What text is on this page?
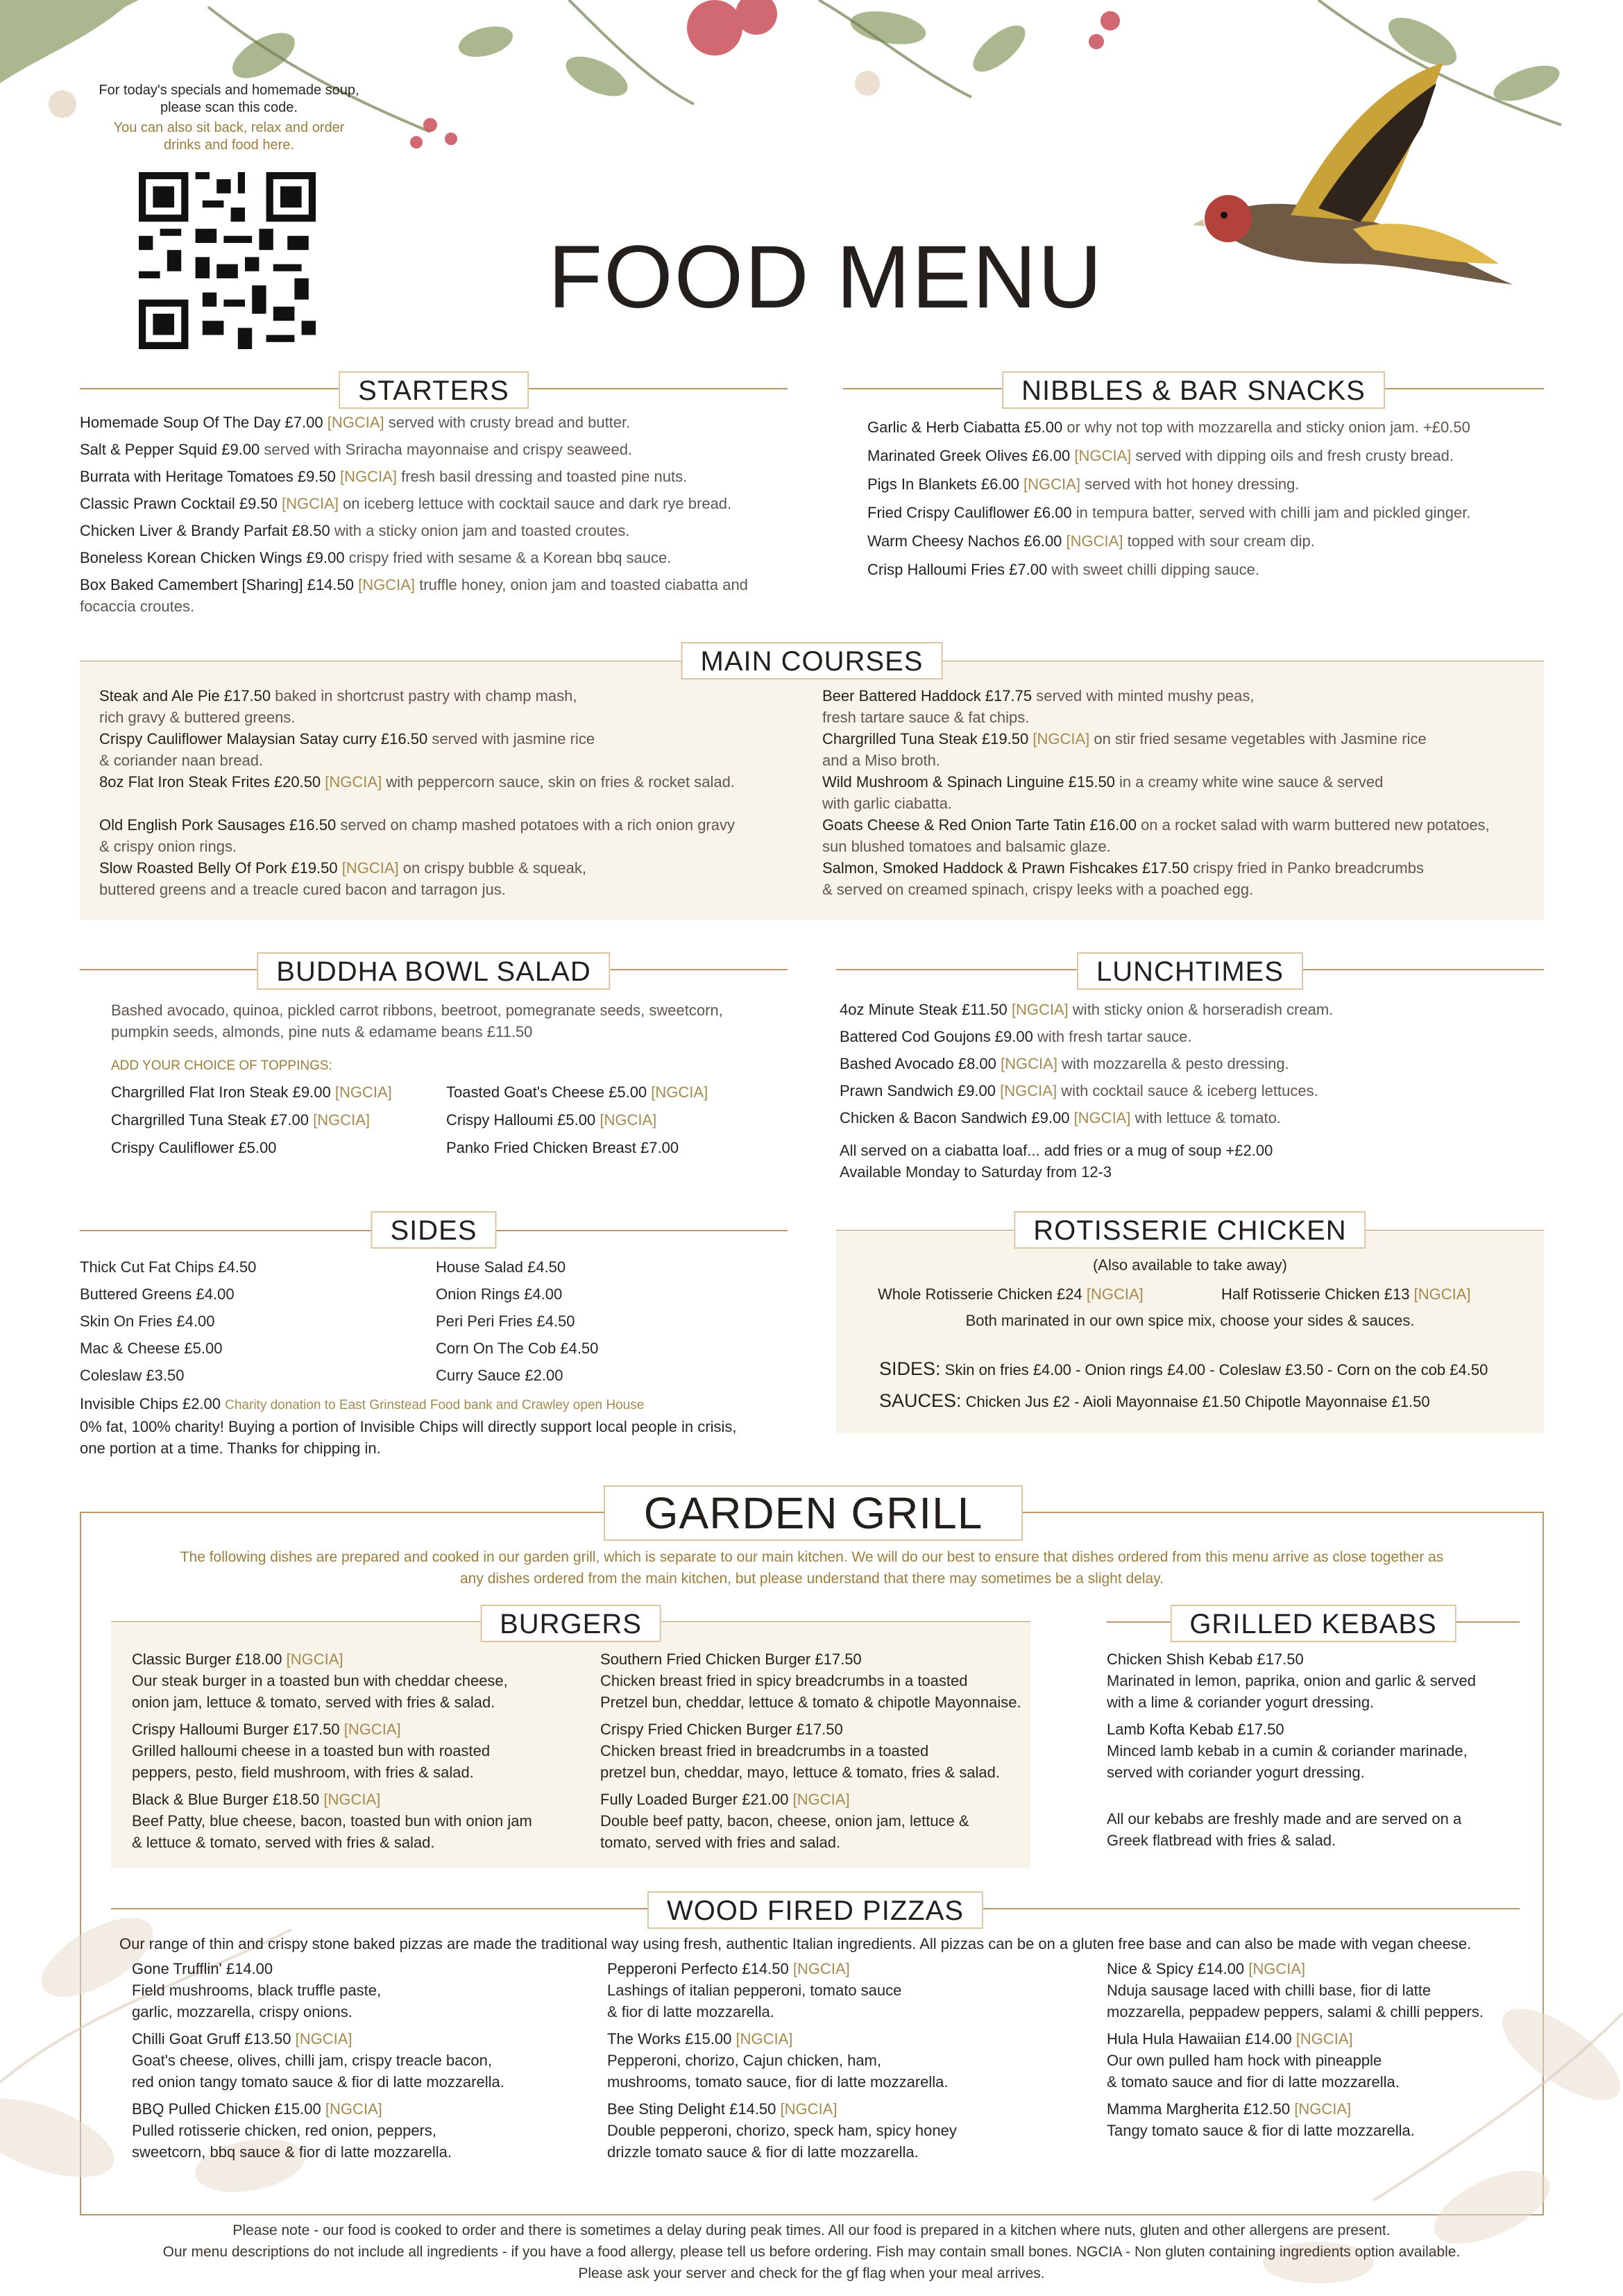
For today's specials and homemade soup,
please scan this code.
You can also sit back, relax and order
drinks and food here.
FOOD MENU
STARTERS

Homemade Soup Of The Day £7.00 [NGCIA] served with crusty bread and butter.

Salt & Pepper Squid £9.00 served with Sriracha mayonnaise and crispy seaweed.

Burrata with Heritage Tomatoes £9.50 [NGCIA] fresh basil dressing and toasted pine nuts.

Classic Prawn Cocktail £9.50 [NGCIA] on iceberg lettuce with cocktail sauce and dark rye bread.

Chicken Liver & Brandy Parfait £8.50 with a sticky onion jam and toasted croutes.

Boneless Korean Chicken Wings £9.00 crispy fried with sesame & a Korean bbq sauce.

Box Baked Camembert [Sharing] £14.50 [NGCIA] truffle honey, onion jam and toasted ciabatta and focaccia croutes.

NIBBLES & BAR SNACKS

Garlic & Herb Ciabatta £5.00 or why not top with mozzarella and sticky onion jam. +£0.50

Marinated Greek Olives £6.00 [NGCIA] served with dipping oils and fresh crusty bread.

Pigs In Blankets £6.00 [NGCIA] served with hot honey dressing.

Fried Crispy Cauliflower £6.00 in tempura batter, served with chilli jam and pickled ginger.

Warm Cheesy Nachos £6.00 [NGCIA] topped with sour cream dip.

Crisp Halloumi Fries £7.00 with sweet chilli dipping sauce.

MAIN COURSES
Steak and Ale Pie £17.50 baked in shortcrust pastry with champ mash,
rich gravy & buttered greens.
Crispy Cauliflower Malaysian Satay curry £16.50 served with jasmine rice
& coriander naan bread.
8oz Flat Iron Steak Frites £20.50 [NGCIA] with peppercorn sauce, skin on fries & rocket salad.
Old English Pork Sausages £16.50 served on champ mashed potatoes with a rich onion gravy
& crispy onion rings.
Slow Roasted Belly Of Pork £19.50 [NGCIA] on crispy bubble & squeak,
buttered greens and a treacle cured bacon and tarragon jus.
Beer Battered Haddock £17.75 served with minted mushy peas,
fresh tartare sauce & fat chips.
Chargrilled Tuna Steak £19.50 [NGCIA] on stir fried sesame vegetables with Jasmine rice
and a Miso broth.
Wild Mushroom & Spinach Linguine £15.50 in a creamy white wine sauce & served
with garlic ciabatta.
Goats Cheese & Red Onion Tarte Tatin £16.00 on a rocket salad with warm buttered new potatoes,
sun blushed tomatoes and balsamic glaze.
Salmon, Smoked Haddock & Prawn Fishcakes £17.50 crispy fried in Panko breadcrumbs
& served on creamed spinach, crispy leeks with a poached egg.
BUDDHA BOWL SALAD
Bashed avocado, quinoa, pickled carrot ribbons, beetroot, pomegranate seeds, sweetcorn,
pumpkin seeds, almonds, pine nuts & edamame beans £11.50
ADD YOUR CHOICE OF TOPPINGS:
Chargrilled Flat Iron Steak £9.00 [NGCIA]
Chargrilled Tuna Steak £7.00 [NGCIA]
Crispy Cauliflower £5.00
Toasted Goat's Cheese £5.00 [NGCIA]
Crispy Halloumi £5.00 [NGCIA]
Panko Fried Chicken Breast £7.00
LUNCHTIMES
4oz Minute Steak £11.50 [NGCIA] with sticky onion & horseradish cream.
Battered Cod Goujons £9.00 with fresh tartar sauce.
Bashed Avocado £8.00 [NGCIA] with mozzarella & pesto dressing.
Prawn Sandwich £9.00 [NGCIA] with cocktail sauce & iceberg lettuces.
Chicken & Bacon Sandwich £9.00 [NGCIA] with lettuce & tomato.
All served on a ciabatta loaf... add fries or a mug of soup +£2.00
Available Monday to Saturday from 12-3
SIDES
Thick Cut Fat Chips £4.50
Buttered Greens £4.00
Skin On Fries £4.00
Mac & Cheese £5.00
Coleslaw £3.50
House Salad £4.50
Onion Rings £4.00
Peri Peri Fries £4.50
Corn On The Cob £4.50
Curry Sauce £2.00
Invisible Chips £2.00 Charity donation to East Grinstead Food bank and Crawley open House
0% fat, 100% charity! Buying a portion of Invisible Chips will directly support local people in crisis,
one portion at a time. Thanks for chipping in.
ROTISSERIE CHICKEN
(Also available to take away)
Whole Rotisserie Chicken £24 [NGCIA]	Half Rotisserie Chicken £13 [NGCIA]
Both marinated in our own spice mix, choose your sides & sauces.
SIDES: Skin on fries £4.00 - Onion rings £4.00 - Coleslaw £3.50 - Corn on the cob £4.50
SAUCES: Chicken Jus £2 - Aioli Mayonnaise £1.50 Chipotle Mayonnaise £1.50
GARDEN GRILL
The following dishes are prepared and cooked in our garden grill, which is separate to our main kitchen. We will do our best to ensure that dishes ordered from this menu arrive as close together as
any dishes ordered from the main kitchen, but please understand that there may sometimes be a slight delay.
BURGERS
Classic Burger £18.00 [NGCIA]
Our steak burger in a toasted bun with cheddar cheese,
onion jam, lettuce & tomato, served with fries & salad.
Crispy Halloumi Burger £17.50 [NGCIA]
Grilled halloumi cheese in a toasted bun with roasted
peppers, pesto, field mushroom, with fries & salad.
Black & Blue Burger £18.50 [NGCIA]
Beef Patty, blue cheese, bacon, toasted bun with onion jam
& lettuce & tomato, served with fries & salad.
Southern Fried Chicken Burger £17.50
Chicken breast fried in spicy breadcrumbs in a toasted
Pretzel bun, cheddar, lettuce & tomato & chipotle Mayonnaise.
Crispy Fried Chicken Burger £17.50
Chicken breast fried in breadcrumbs in a toasted
pretzel bun, cheddar, mayo, lettuce & tomato, fries & salad.
Fully Loaded Burger £21.00 [NGCIA]
Double beef patty, bacon, cheese, onion jam, lettuce &
tomato, served with fries and salad.
GRILLED KEBABS
Chicken Shish Kebab £17.50
Marinated in lemon, paprika, onion and garlic & served
with a lime & coriander yogurt dressing.
Lamb Kofta Kebab £17.50
Minced lamb kebab in a cumin & coriander marinade,
served with coriander yogurt dressing.
All our kebabs are freshly made and are served on a
Greek flatbread with fries & salad.
WOOD FIRED PIZZAS
Our range of thin and crispy stone baked pizzas are made the traditional way using fresh, authentic Italian ingredients. All pizzas can be on a gluten free base and can also be made with vegan cheese.
Gone Trufflin' £14.00
Field mushrooms, black truffle paste,
garlic, mozzarella, crispy onions.
Chilli Goat Gruff £13.50 [NGCIA]
Goat's cheese, olives, chilli jam, crispy treacle bacon,
red onion tangy tomato sauce & fior di latte mozzarella.
BBQ Pulled Chicken £15.00 [NGCIA]
Pulled rotisserie chicken, red onion, peppers,
sweetcorn, bbq sauce & fior di latte mozzarella.
Pepperoni Perfecto £14.50 [NGCIA]
Lashings of italian pepperoni, tomato sauce
& fior di latte mozzarella.
The Works £15.00 [NGCIA]
Pepperoni, chorizo, Cajun chicken, ham,
mushrooms, tomato sauce, fior di latte mozzarella.
Bee Sting Delight £14.50 [NGCIA]
Double pepperoni, chorizo, speck ham, spicy honey
drizzle tomato sauce & fior di latte mozzarella.
Nice & Spicy £14.00 [NGCIA]
Nduja sausage laced with chilli base, fior di latte
mozzarella, peppadew peppers, salami & chilli peppers.
Hula Hula Hawaiian £14.00 [NGCIA]
Our own pulled ham hock with pineapple
& tomato sauce and fior di latte mozzarella.
Mamma Margherita £12.50 [NGCIA]
Tangy tomato sauce & fior di latte mozzarella.
Please note - our food is cooked to order and there is sometimes a delay during peak times. All our food is prepared in a kitchen where nuts, gluten and other allergens are present.
Our menu descriptions do not include all ingredients - if you have a food allergy, please tell us before ordering. Fish may contain small bones. NGCIA - Non gluten containing ingredients option available.
Please ask your server and check for the gf flag when your meal arrives.
